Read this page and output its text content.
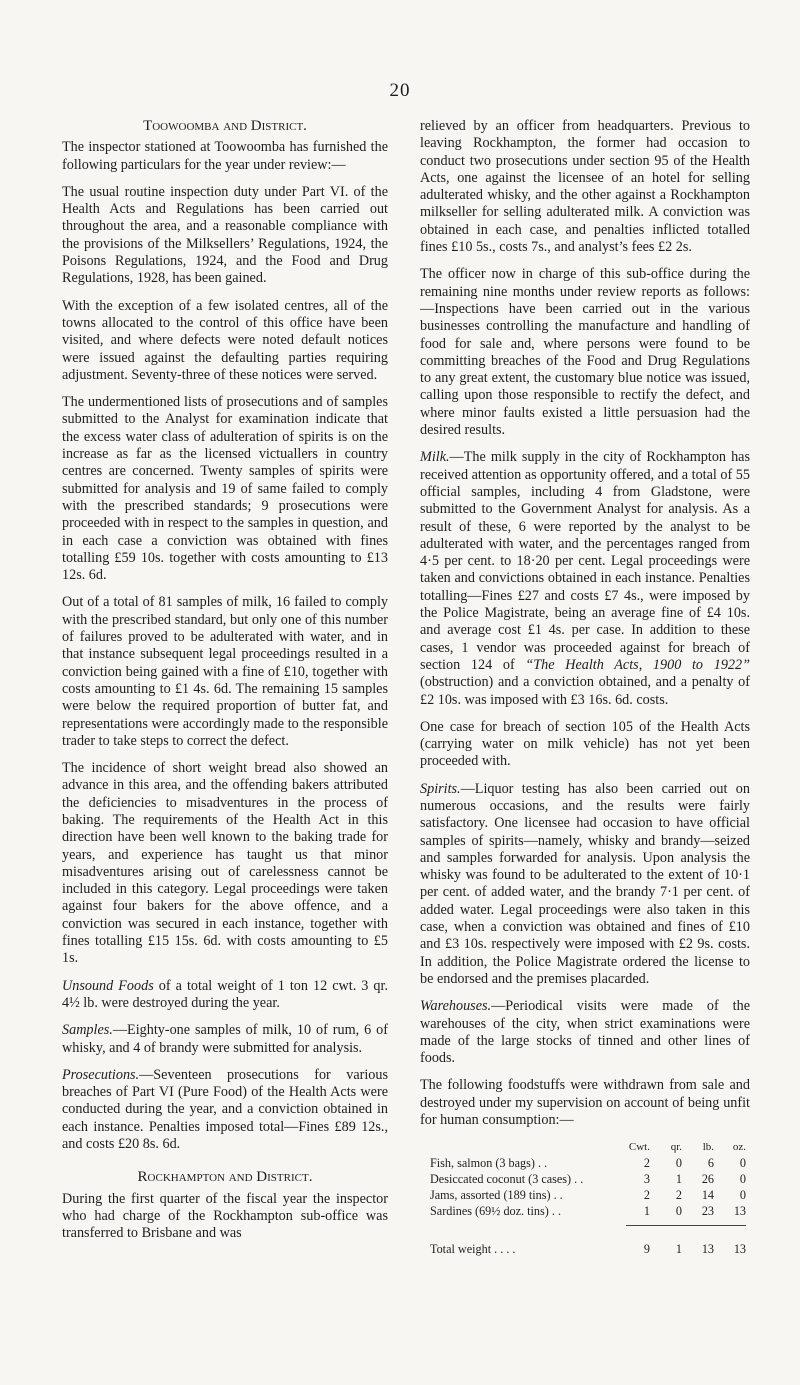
20
Toowoomba and District.

The inspector stationed at Toowoomba has furnished the following particulars for the year under review:—

The usual routine inspection duty under Part VI. of the Health Acts and Regulations has been carried out throughout the area, and a reasonable compliance with the provisions of the Milksellers’ Regulations, 1924, the Poisons Regulations, 1924, and the Food and Drug Regulations, 1928, has been gained.

With the exception of a few isolated centres, all of the towns allocated to the control of this office have been visited, and where defects were noted default notices were issued against the defaulting parties requiring adjustment. Seventy-three of these notices were served.

The undermentioned lists of prosecutions and of samples submitted to the Analyst for examination indicate that the excess water class of adulteration of spirits is on the increase as far as the licensed victuallers in country centres are concerned. Twenty samples of spirits were submitted for analysis and 19 of same failed to comply with the prescribed standards; 9 prosecutions were proceeded with in respect to the samples in question, and in each case a conviction was obtained with fines totalling £59 10s. together with costs amounting to £13 12s. 6d.

Out of a total of 81 samples of milk, 16 failed to comply with the prescribed standard, but only one of this number of failures proved to be adulterated with water, and in that instance subsequent legal proceedings resulted in a conviction being gained with a fine of £10, together with costs amounting to £1 4s. 6d. The remaining 15 samples were below the required proportion of butter fat, and representations were accordingly made to the responsible trader to take steps to correct the defect.

The incidence of short weight bread also showed an advance in this area, and the offending bakers attributed the deficiencies to misadventures in the process of baking. The requirements of the Health Act in this direction have been well known to the baking trade for years, and experience has taught us that minor misadventures arising out of carelessness cannot be included in this category. Legal proceedings were taken against four bakers for the above offence, and a conviction was secured in each instance, together with fines totalling £15 15s. 6d. with costs amounting to £5 1s.

Unsound Foods of a total weight of 1 ton 12 cwt. 3 qr. 4½ lb. were destroyed during the year.

Samples.—Eighty-one samples of milk, 10 of rum, 6 of whisky, and 4 of brandy were submitted for analysis.

Prosecutions.—Seventeen prosecutions for various breaches of Part VI (Pure Food) of the Health Acts were conducted during the year, and a conviction obtained in each instance. Penalties imposed total—Fines £89 12s., and costs £20 8s. 6d.

Rockhampton and District.

During the first quarter of the fiscal year the inspector who had charge of the Rockhampton sub-office was transferred to Brisbane and was

relieved by an officer from headquarters. Previous to leaving Rockhampton, the former had occasion to conduct two prosecutions under section 95 of the Health Acts, one against the licensee of an hotel for selling adulterated whisky, and the other against a Rockhampton milkseller for selling adulterated milk. A conviction was obtained in each case, and penalties inflicted totalled fines £10 5s., costs 7s., and analyst’s fees £2 2s.

The officer now in charge of this sub-office during the remaining nine months under review reports as follows:—Inspections have been carried out in the various businesses controlling the manufacture and handling of food for sale and, where persons were found to be committing breaches of the Food and Drug Regulations to any great extent, the customary blue notice was issued, calling upon those responsible to rectify the defect, and where minor faults existed a little persuasion had the desired results.

Milk.—The milk supply in the city of Rockhampton has received attention as opportunity offered, and a total of 55 official samples, including 4 from Gladstone, were submitted to the Government Analyst for analysis. As a result of these, 6 were reported by the analyst to be adulterated with water, and the percentages ranged from 4·5 per cent. to 18·20 per cent. Legal proceedings were taken and convictions obtained in each instance. Penalties totalling—Fines £27 and costs £7 4s., were imposed by the Police Magistrate, being an average fine of £4 10s. and average cost £1 4s. per case. In addition to these cases, 1 vendor was proceeded against for breach of section 124 of “The Health Acts, 1900 to 1922” (obstruction) and a conviction obtained, and a penalty of £2 10s. was imposed with £3 16s. 6d. costs.

One case for breach of section 105 of the Health Acts (carrying water on milk vehicle) has not yet been proceeded with.

Spirits.—Liquor testing has also been carried out on numerous occasions, and the results were fairly satisfactory. One licensee had occasion to have official samples of spirits—namely, whisky and brandy—seized and samples forwarded for analysis. Upon analysis the whisky was found to be adulterated to the extent of 10·1 per cent. of added water, and the brandy 7·1 per cent. of added water. Legal proceedings were also taken in this case, when a conviction was obtained and fines of £10 and £3 10s. respectively were imposed with £2 9s. costs. In addition, the Police Magistrate ordered the license to be endorsed and the premises placarded.

Warehouses.—Periodical visits were made of the warehouses of the city, when strict examinations were made of the large stocks of tinned and other lines of foods.

The following foodstuffs were withdrawn from sale and destroyed under my supervision on account of being unfit for human consumption:—

	Cwt.	qr.	lb.	oz.
Fish, salmon (3 bags) . .	2	0	6	0
Desiccated coconut (3 cases) . .	3	1	26	0
Jams, assorted (189 tins) . .	2	2	14	0
Sardines (69½ doz. tins) . .	1	0	23	13

Total weight . . . .	9	1	13	13
